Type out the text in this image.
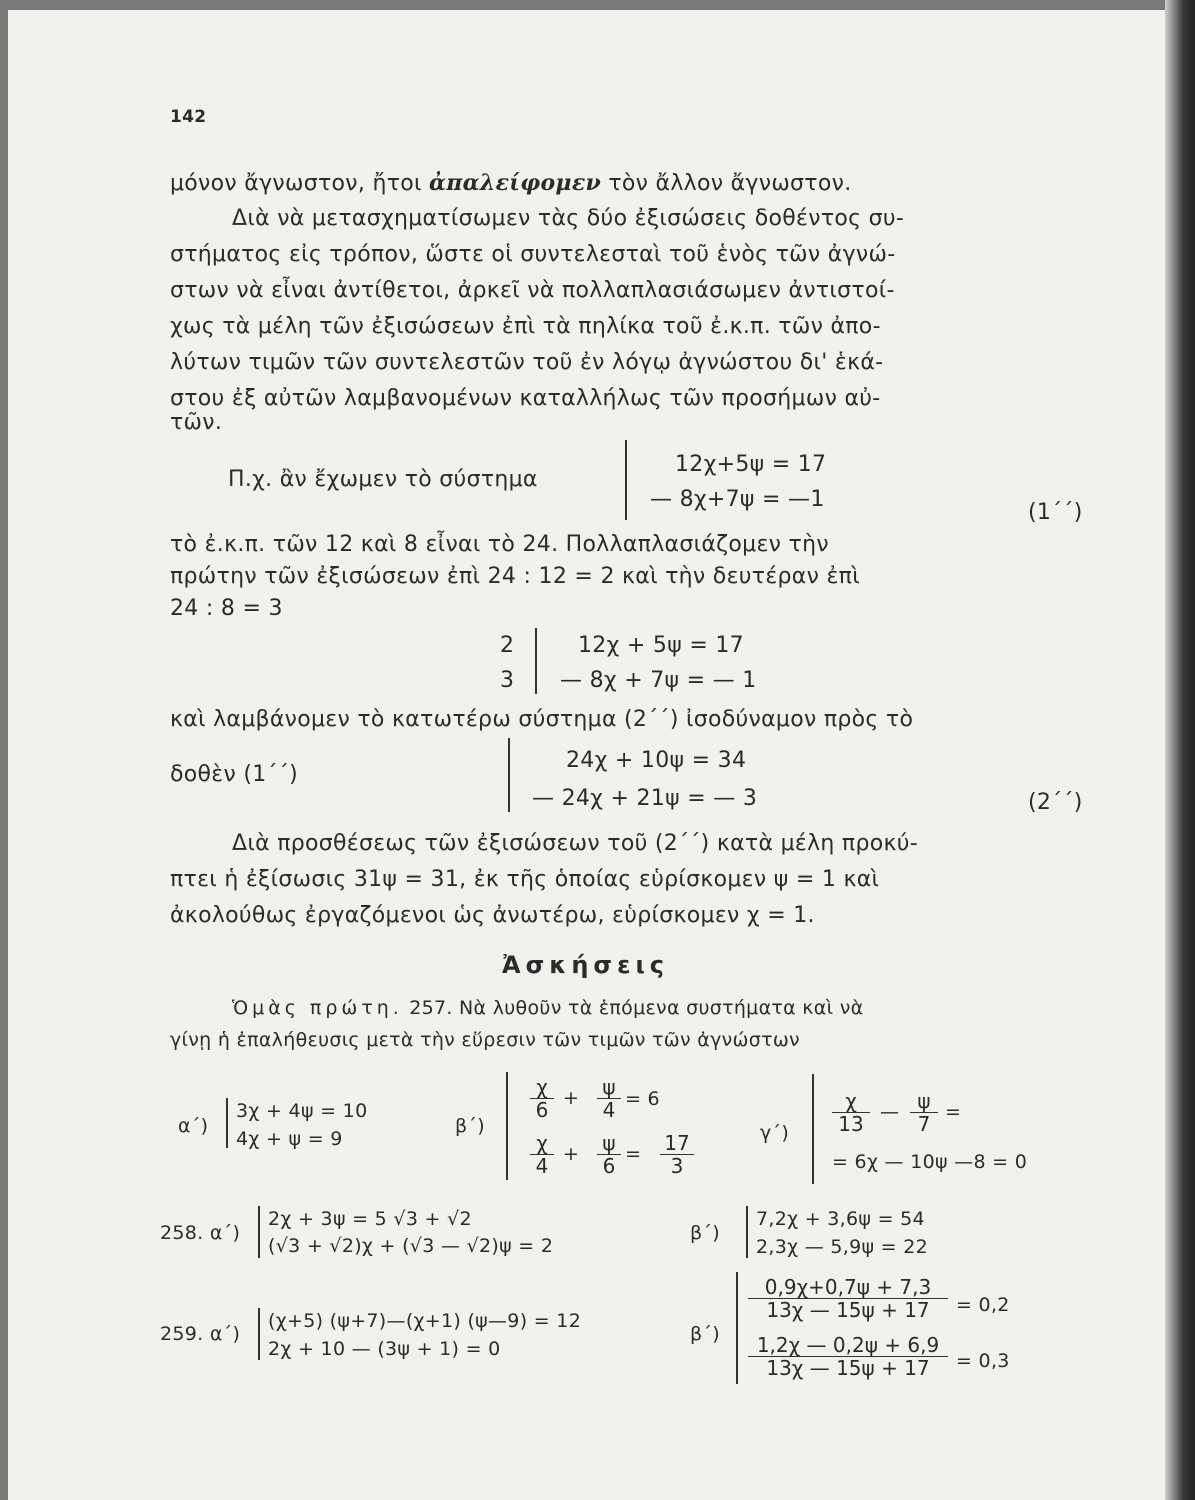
142
μόνον ἄγνωστον, ἤτοι ἀπαλείφομεν τὸν ἄλλον ἄγνωστον.
Διὰ νὰ μετασχηματίσωμεν τὰς δύο ἐξισώσεις δοθέντος συ-
στήματος εἰς τρόπον, ὥστε οἱ συντελεσταὶ τοῦ ἑνὸς τῶν ἀγνώ-
στων νὰ εἶναι ἀντίθετοι, ἀρκεῖ νὰ πολλαπλασιάσωμεν ἀντιστοί-
χως τὰ μέλη τῶν ἐξισώσεων ἐπὶ τὰ πηλίκα τοῦ ἐ.κ.π. τῶν ἀπο-
λύτων τιμῶν τῶν συντελεστῶν τοῦ ἐν λόγῳ ἀγνώστου δι' ἑκά-
στου ἐξ αὐτῶν λαμβανομένων καταλλήλως τῶν προσήμων αὐ-
τῶν.
Π.χ. ἂν ἔχωμεν τὸ σύστημα
12χ+5ψ = 17
— 8χ+7ψ = —1
(1΄΄)
τὸ ἐ.κ.π. τῶν 12 καὶ 8 εἶναι τὸ 24. Πολλαπλασιάζομεν τὴν
πρώτην τῶν ἐξισώσεων ἐπὶ 24 : 12 = 2 καὶ τὴν δευτέραν ἐπὶ
24 : 8 = 3
2
3
12χ + 5ψ = 17
— 8χ + 7ψ = — 1
καὶ λαμβάνομεν τὸ κατωτέρω σύστημα (2΄΄) ἰσοδύναμον πρὸς τὸ
δοθὲν (1΄΄)
24χ + 10ψ = 34
— 24χ + 21ψ = — 3	(2΄΄)
Διὰ προσθέσεως τῶν ἐξισώσεων τοῦ (2΄΄) κατὰ μέλη προκύ-
πτει ἡ ἐξίσωσις 31ψ = 31, ἐκ τῆς ὁποίας εὑρίσκομεν ψ = 1 καὶ
ἀκολούθως ἐργαζόμενοι ὡς ἀνωτέρω, εὑρίσκομεν χ = 1.
Ἀσκήσεις
Ὁμὰς πρώτη. 257. Νὰ λυθοῦν τὰ ἑπόμενα συστήματα καὶ νὰ
γίνῃ ἡ ἐπαλήθευσις μετὰ τὴν εὕρεσιν τῶν τιμῶν τῶν ἀγνώστων
α΄)
3χ + 4ψ = 10
4χ + ψ = 9
β΄)
$\frac{\chi}{6} + \frac{\psi}{4} = 6$
$\frac{\chi}{4} + \frac{\psi}{6} = \frac{17}{3}$	$\gamma΄) \frac{\chi}{13}$ — $\frac{\psi}{7}$ =
= 6χ — 10ψ —8 = 0
258. α΄)
2χ + 3ψ = 5 √3 + √2
(√3 + √2)χ + (√3 — √2)ψ = 2
β΄)
7,2χ + 3,6ψ = 54
2,3χ — 5,9ψ = 22
259. α΄)
(χ+5) (ψ+7)—(χ+1) (ψ—9) = 12
2χ + 10 — (3ψ + 1) = 0
β΄)
$\frac{0,9\chi+0,7\psi + 7,3}{13\chi — 15\psi + 17} = 0,2$
$\frac{1,2\chi — 0,2\psi + 6,9}{13\chi — 15\psi + 17} = 0,3$
